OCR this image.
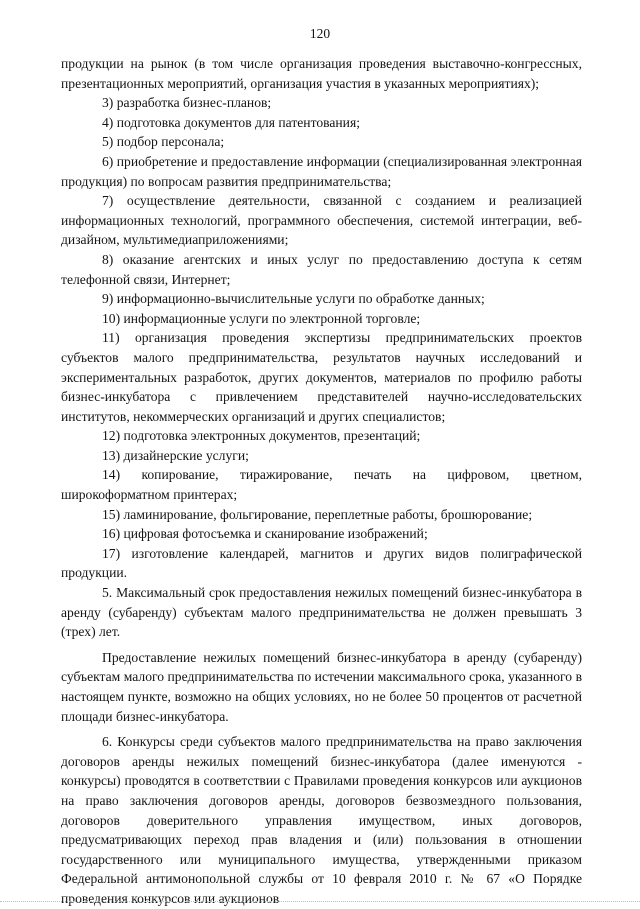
120

продукции на рынок (в том числе организация проведения выставочно-конгрессных, презентационных мероприятий, организация участия в указанных мероприятиях);

3) разработка бизнес-планов;

4) подготовка документов для патентования;

5) подбор персонала;

6) приобретение и предоставление информации (специализированная электронная продукция) по вопросам развития предпринимательства;

7) осуществление деятельности, связанной с созданием и реализацией информационных технологий, программного обеспечения, системой интеграции, веб-дизайном, мультимедиаприложениями;

8) оказание агентских и иных услуг по предоставлению доступа к сетям телефонной связи, Интернет;

9) информационно-вычислительные услуги по обработке данных;

10) информационные услуги по электронной торговле;

11) организация проведения экспертизы предпринимательских проектов субъектов малого предпринимательства, результатов научных исследований и экспериментальных разработок, других документов, материалов по профилю работы бизнес-инкубатора с привлечением представителей научно-исследовательских институтов, некоммерческих организаций и других специалистов;

12) подготовка электронных документов, презентаций;

13) дизайнерские услуги;

14) копирование, тиражирование, печать на цифровом, цветном, широкоформатном принтерах;

15) ламинирование, фольгирование, переплетные работы, брошюрование;

16) цифровая фотосъемка и сканирование изображений;

17) изготовление календарей, магнитов и других видов полиграфической продукции.

5. Максимальный срок предоставления нежилых помещений бизнес-инкубатора в аренду (субаренду) субъектам малого предпринимательства не должен превышать 3 (трех) лет.

Предоставление нежилых помещений бизнес-инкубатора в аренду (субаренду) субъектам малого предпринимательства по истечении максимального срока, указанного в настоящем пункте, возможно на общих условиях, но не более 50 процентов от расчетной площади бизнес-инкубатора.

6. Конкурсы среди субъектов малого предпринимательства на право заключения договоров аренды нежилых помещений бизнес-инкубатора (далее именуются - конкурсы) проводятся в соответствии с Правилами проведения конкурсов или аукционов на право заключения договоров аренды, договоров безвозмездного пользования, договоров доверительного управления имуществом, иных договоров, предусматривающих переход прав владения и (или) пользования в отношении государственного или муниципального имущества, утвержденными приказом Федеральной антимонопольной службы от 10 февраля 2010 г. № 67 «О Порядке проведения конкурсов или аукционов
